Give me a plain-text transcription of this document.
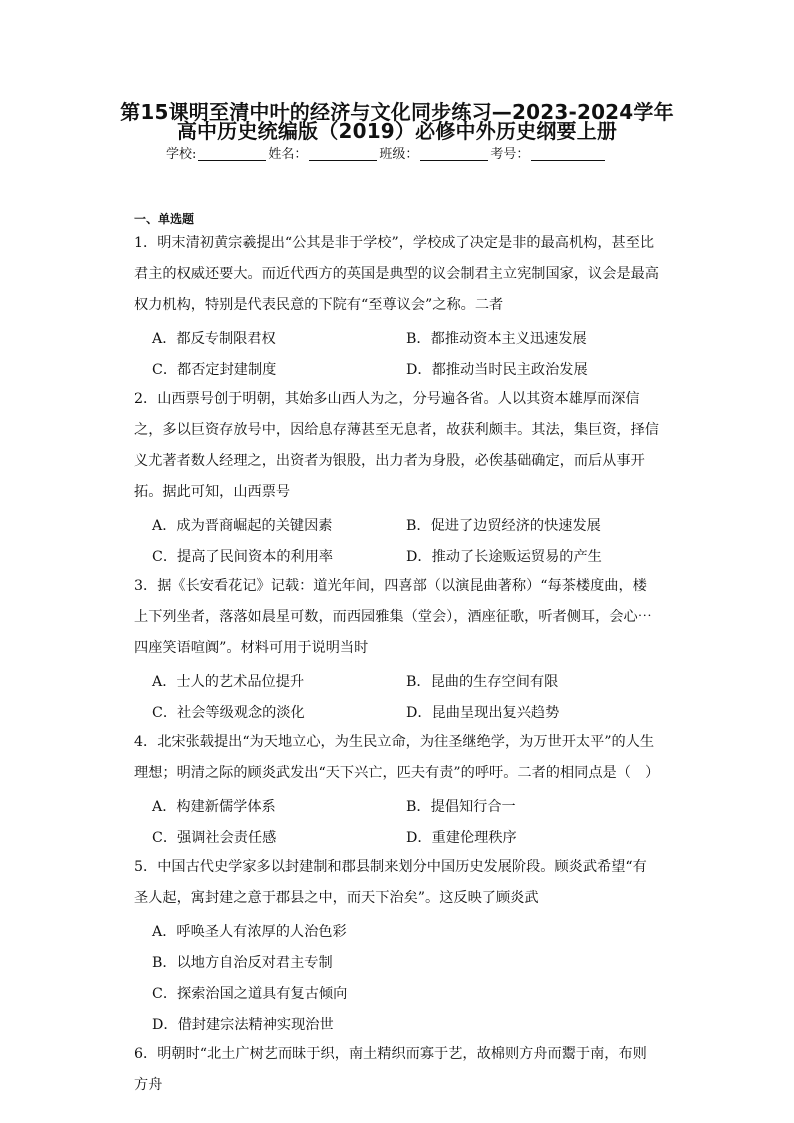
第15课明至清中叶的经济与文化同步练习—2023-2024学年
高中历史统编版（2019）必修中外历史纲要上册
学校:	姓名：	班级：	考号：
一、单选题
1．明末清初黄宗羲提出“公其是非于学校”，学校成了决定是非的最高机构，甚至比君主的权威还要大。而近代西方的英国是典型的议会制君主立宪制国家，议会是最高权力机构，特别是代表民意的下院有“至尊议会”之称。二者
A．都反专制限君权	B．都推动资本主义迅速发展
C．都否定封建制度	D．都推动当时民主政治发展
2．山西票号创于明朝，其始多山西人为之，分号遍各省。人以其资本雄厚而深信之，多以巨资存放号中，因给息存薄甚至无息者，故获利颇丰。其法，集巨资，择信义尤著者数人经理之，出资者为银股，出力者为身股，必俟基础确定，而后从事开拓。据此可知，山西票号
A．成为晋商崛起的关键因素	B．促进了边贸经济的快速发展
C．提高了民间资本的利用率	D．推动了长途贩运贸易的产生
3．据《长安看花记》记载：道光年间，四喜部（以演昆曲著称）“每茶楼度曲，楼上下列坐者，落落如晨星可数，而西园雅集（堂会），酒座征歌，听者侧耳，会心⋯四座笑语喧阗”。材料可用于说明当时
A．士人的艺术品位提升	B．昆曲的生存空间有限
C．社会等级观念的淡化	D．昆曲呈现出复兴趋势
4．北宋张载提出“为天地立心，为生民立命，为往圣继绝学，为万世开太平”的人生理想；明清之际的顾炎武发出“天下兴亡，匹夫有责”的呼吁。二者的相同点是（　）
A．构建新儒学体系	B．提倡知行合一
C．强调社会责任感	D．重建伦理秩序
5．中国古代史学家多以封建制和郡县制来划分中国历史发展阶段。顾炎武希望“有圣人起，寓封建之意于郡县之中，而天下治矣”。这反映了顾炎武
A．呼唤圣人有浓厚的人治色彩
B．以地方自治反对君主专制
C．探索治国之道具有复古倾向
D．借封建宗法精神实现治世
6．明朝时“北土广树艺而昧于织，南土精织而寡于艺，故棉则方舟而鬻于南，布则方舟
